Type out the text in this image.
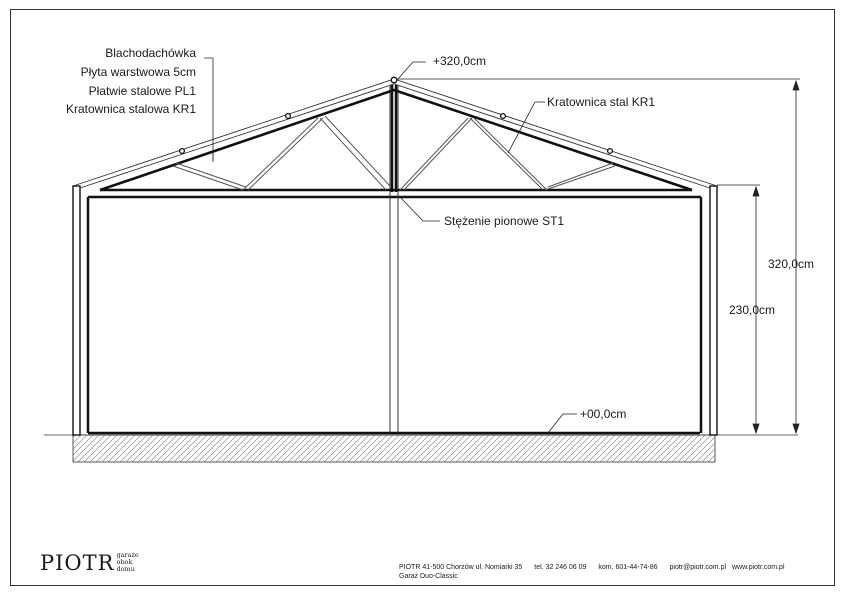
Blachodachówka
Płyta warstwowa 5cm
Płatwie stalowe PL1
Kratownica stalowa KR1
+320,0cm
Kratownica stal KR1
Stężenie pionowe ST1
+00,0cm
320,0cm
230,0cm
PIOTR garaże
obok
domu	PIOTR 41-500 Chorzów ul. Nomiarki 35 tel. 32 246 06 09 kom. 601-44-74-86 piotr@piotr.com.pl www.piotr.com.pl
Garaż Duo-Classic
